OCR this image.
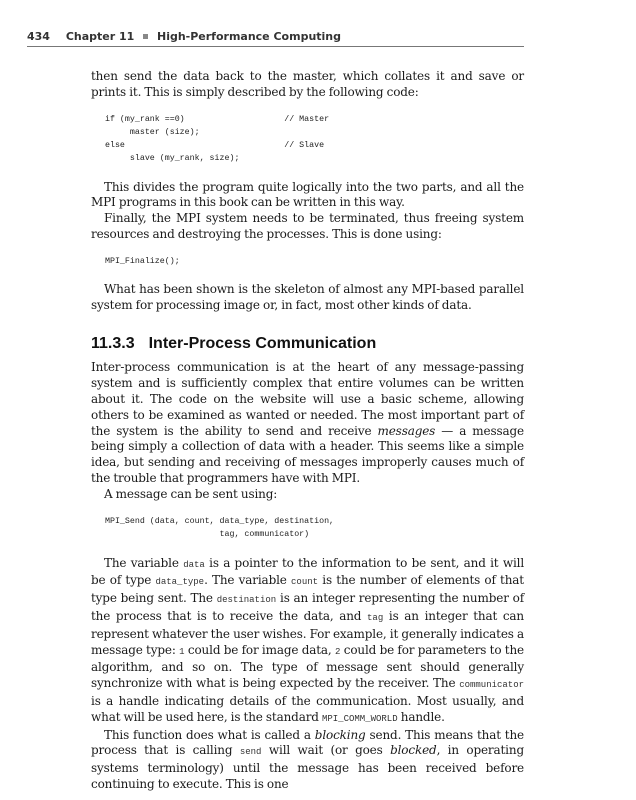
434 Chapter 11 High-Performance Computing

then send the data back to the master, which collates it and save or prints it. This is simply described by the following code:

if (my_rank ==0)                    // Master
master (size);
else                                // Slave
slave (my_rank, size);

This divides the program quite logically into the two parts, and all the MPI programs in this book can be written in this way.

Finally, the MPI system needs to be terminated, thus freeing system resources and destroying the processes. This is done using:

MPI_Finalize();

What has been shown is the skeleton of almost any MPI-based parallel system for processing image or, in fact, most other kinds of data.

11.3.3 Inter-Process Communication

Inter-process communication is at the heart of any message-passing system and is sufficiently complex that entire volumes can be written about it. The code on the website will use a basic scheme, allowing others to be examined as wanted or needed. The most important part of the system is the ability to send and receive messages — a message being simply a collection of data with a header. This seems like a simple idea, but sending and receiving of messages improperly causes much of the trouble that programmers have with MPI.

A message can be sent using:

MPI_Send (data, count, data_type, destination,
tag, communicator)

The variable data is a pointer to the information to be sent, and it will be of type data_type. The variable count is the number of elements of that type being sent. The destination is an integer representing the number of the process that is to receive the data, and tag is an integer that can represent whatever the user wishes. For example, it generally indicates a message type: 1 could be for image data, 2 could be for parameters to the algorithm, and so on. The type of message sent should generally synchronize with what is being expected by the receiver. The communicator is a handle indicating details of the communication. Most usually, and what will be used here, is the standard MPI_COMM_WORLD handle.

This function does what is called a blocking send. This means that the process that is calling send will wait (or goes blocked, in operating systems terminology) until the message has been received before continuing to execute. This is one
